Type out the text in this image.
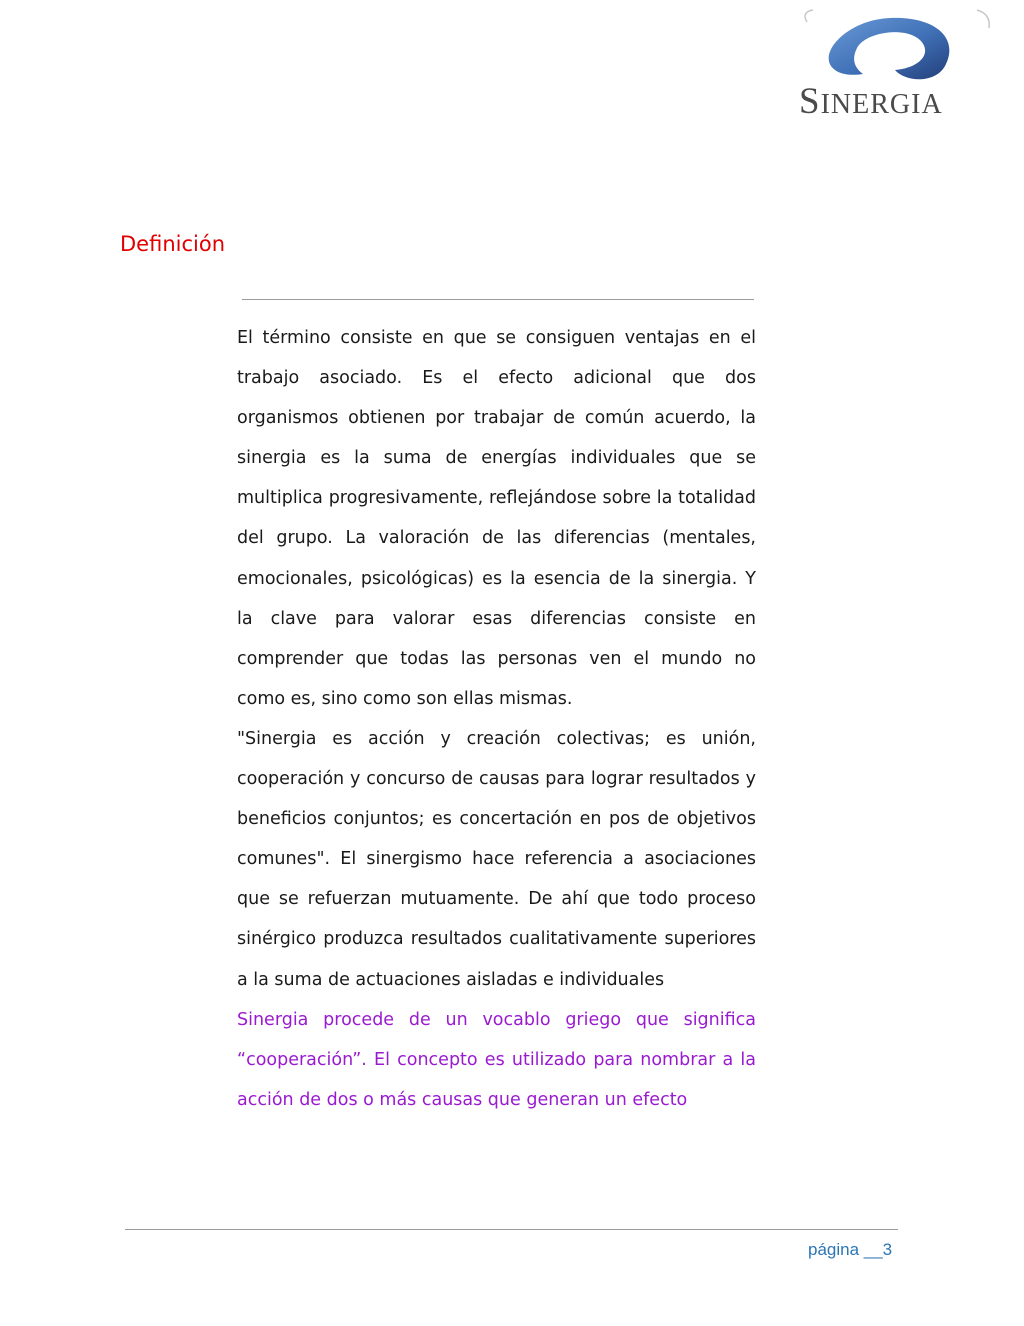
SINERGIA
Definición

El término consiste en que se consiguen ventajas en el trabajo asociado. Es el efecto adicional que dos organismos obtienen por trabajar de común acuerdo, la sinergia es la suma de energías individuales que se multiplica progresivamente, reflejándose sobre la totalidad del grupo. La valoración de las diferencias (mentales, emocionales, psicológicas) es la esencia de la sinergia. Y la clave para valorar esas diferencias consiste en comprender que todas las personas ven el mundo no como es, sino como son ellas mismas.

"Sinergia es acción y creación colectivas; es unión, cooperación y concurso de causas para lograr resultados y beneficios conjuntos; es concertación en pos de objetivos comunes". El sinergismo hace referencia a asociaciones que se refuerzan mutuamente. De ahí que todo proceso sinérgico produzca resultados cualitativamente superiores a la suma de actuaciones aisladas e individuales

Sinergia procede de un vocablo griego que significa “cooperación”. El concepto es utilizado para nombrar a la acción de dos o más causas que generan un efecto

página __3
